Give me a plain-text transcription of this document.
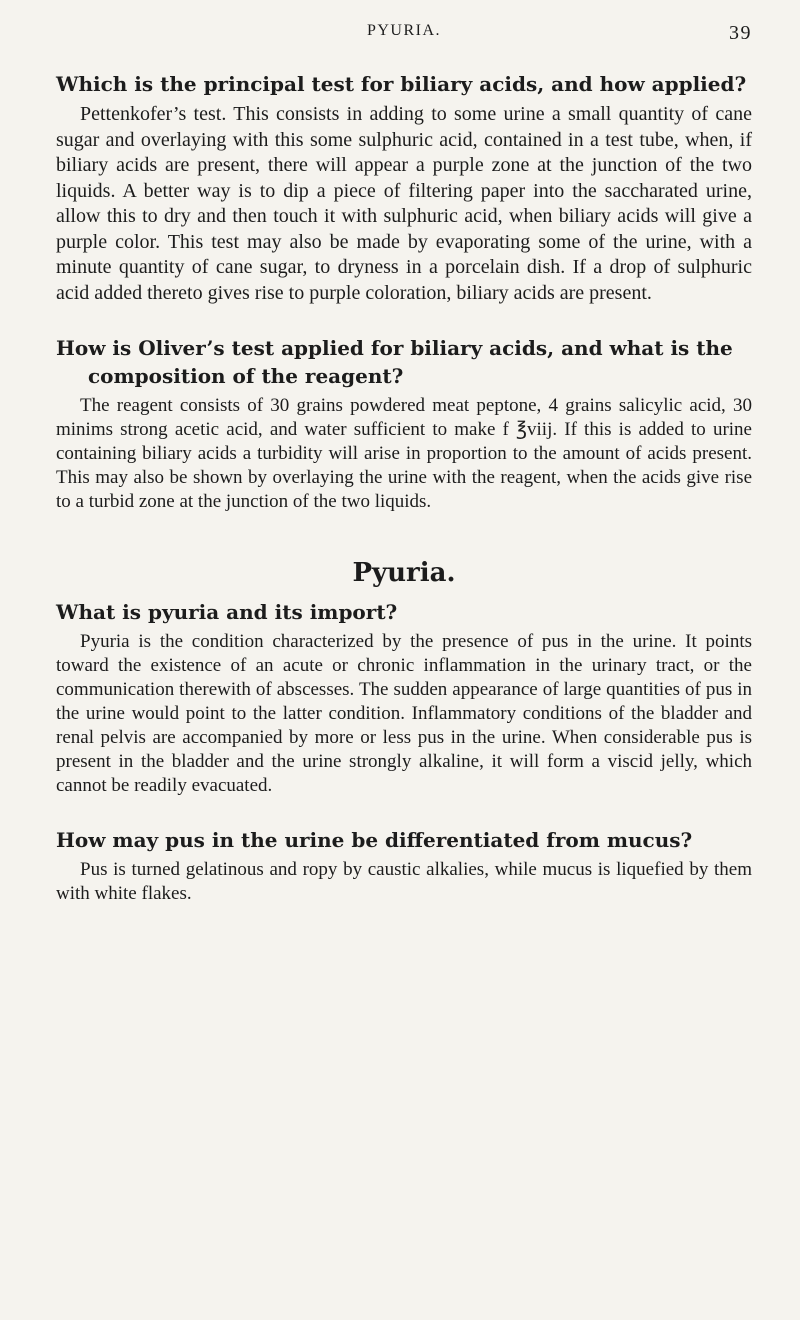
PYURIA.	39
Which is the principal test for biliary acids, and how applied?

Pettenkofer’s test. This consists in adding to some urine a small quantity of cane sugar and overlaying with this some sulphuric acid, contained in a test tube, when, if biliary acids are present, there will appear a purple zone at the junction of the two liquids. A better way is to dip a piece of filtering paper into the saccharated urine, allow this to dry and then touch it with sulphuric acid, when biliary acids will give a purple color. This test may also be made by evaporating some of the urine, with a minute quantity of cane sugar, to dryness in a porcelain dish. If a drop of sulphuric acid added thereto gives rise to purple coloration, biliary acids are present.

How is Oliver’s test applied for biliary acids, and what is the composition of the reagent?

The reagent consists of 30 grains powdered meat peptone, 4 grains salicylic acid, 30 minims strong acetic acid, and water sufficient to make f ℥viij. If this is added to urine containing biliary acids a turbidity will arise in proportion to the amount of acids present. This may also be shown by overlaying the urine with the reagent, when the acids give rise to a turbid zone at the junction of the two liquids.

Pyuria.
What is pyuria and its import?

Pyuria is the condition characterized by the presence of pus in the urine. It points toward the existence of an acute or chronic inflammation in the urinary tract, or the communication therewith of abscesses. The sudden appearance of large quantities of pus in the urine would point to the latter condition. Inflammatory conditions of the bladder and renal pelvis are accompanied by more or less pus in the urine. When considerable pus is present in the bladder and the urine strongly alkaline, it will form a viscid jelly, which cannot be readily evacuated.

How may pus in the urine be differentiated from mucus?

Pus is turned gelatinous and ropy by caustic alkalies, while mucus is liquefied by them with white flakes.
